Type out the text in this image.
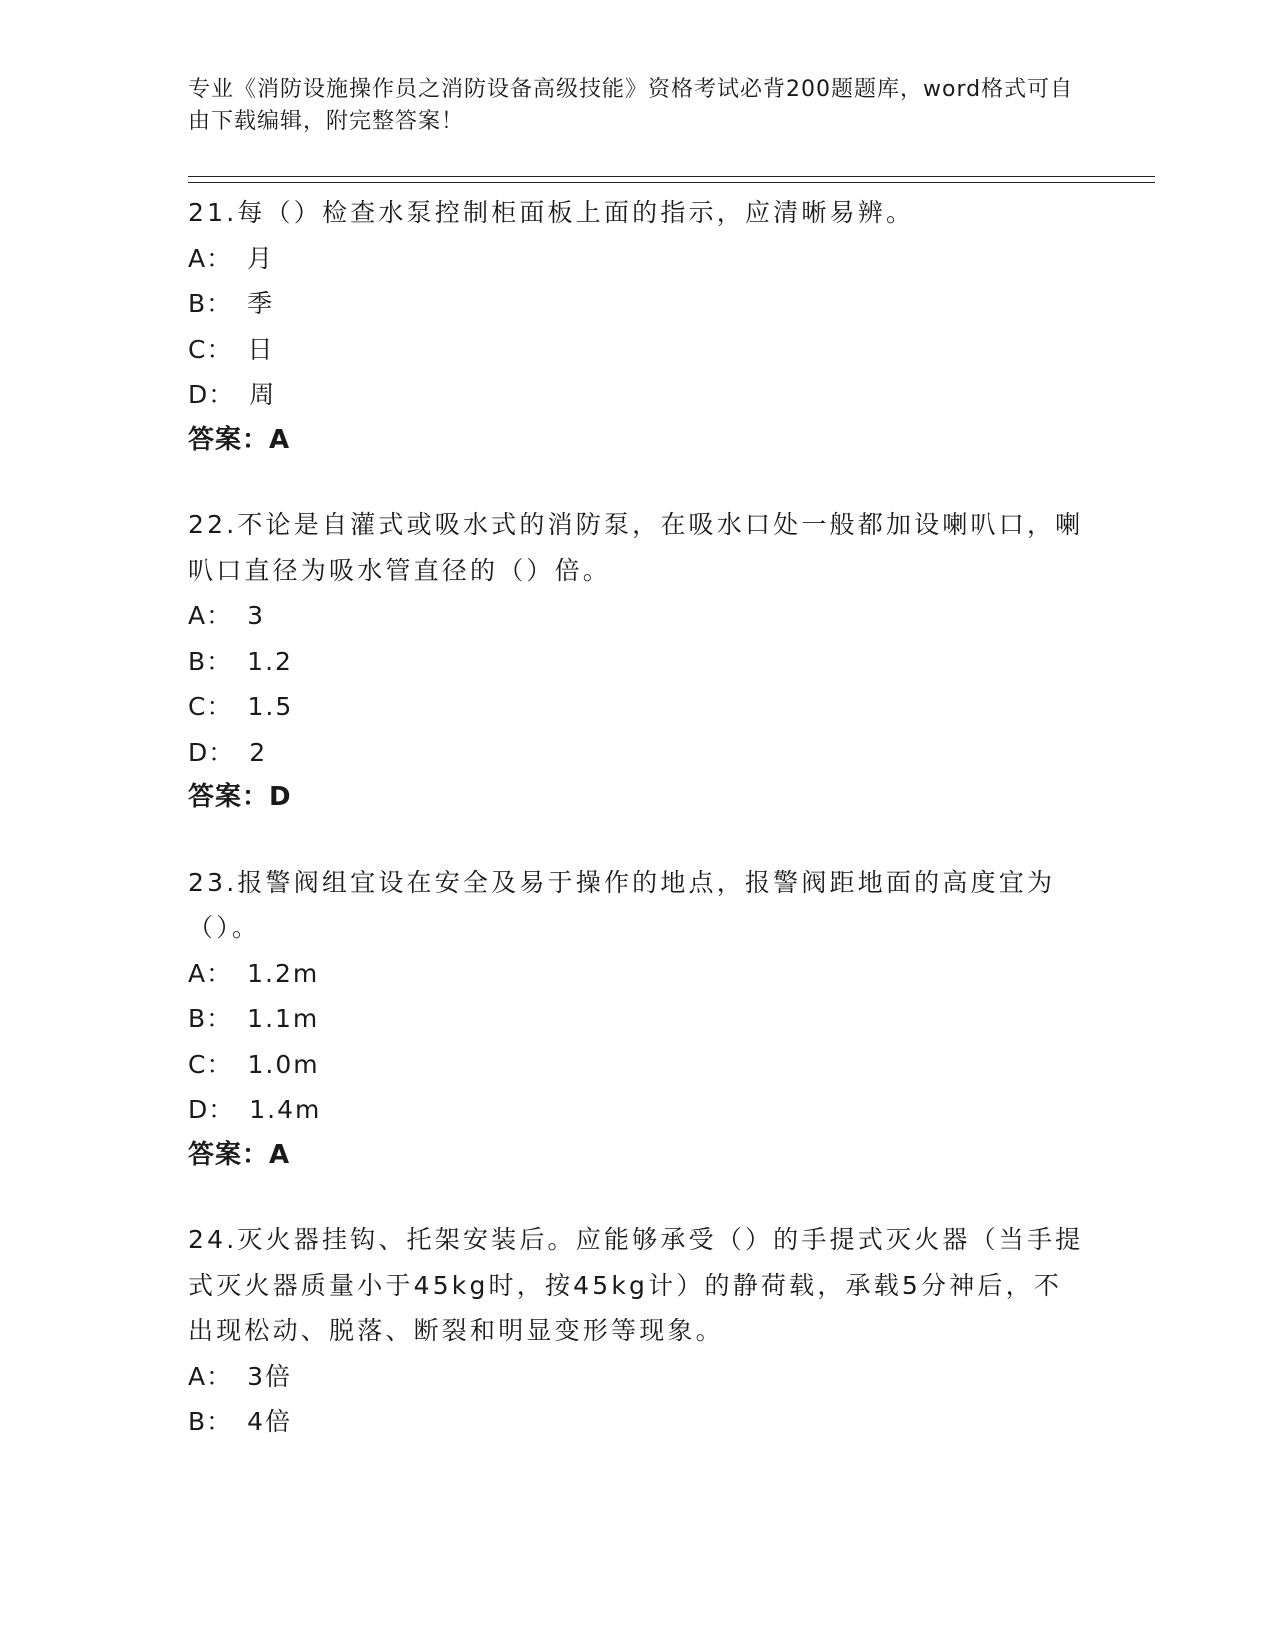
专业《消防设施操作员之消防设备高级技能》资格考试必背200题题库，word格式可自由下载编辑，附完整答案！
21.每（）检查水泵控制柜面板上面的指示，应清晰易辨。
A： 月
B： 季
C： 日
D： 周
答案：A
22.不论是自灌式或吸水式的消防泵，在吸水口处一般都加设喇叭口，喇叭口直径为吸水管直径的（）倍。
A： 3
B： 1.2
C： 1.5
D： 2
答案：D
23.报警阀组宜设在安全及易于操作的地点，报警阀距地面的高度宜为（）。
A： 1.2m
B： 1.1m
C： 1.0m
D： 1.4m
答案：A
24.灭火器挂钩、托架安装后。应能够承受（）的手提式灭火器（当手提式灭火器质量小于45kg时，按45kg计）的静荷载，承载5分神后，不出现松动、脱落、断裂和明显变形等现象。
A： 3倍
B： 4倍
